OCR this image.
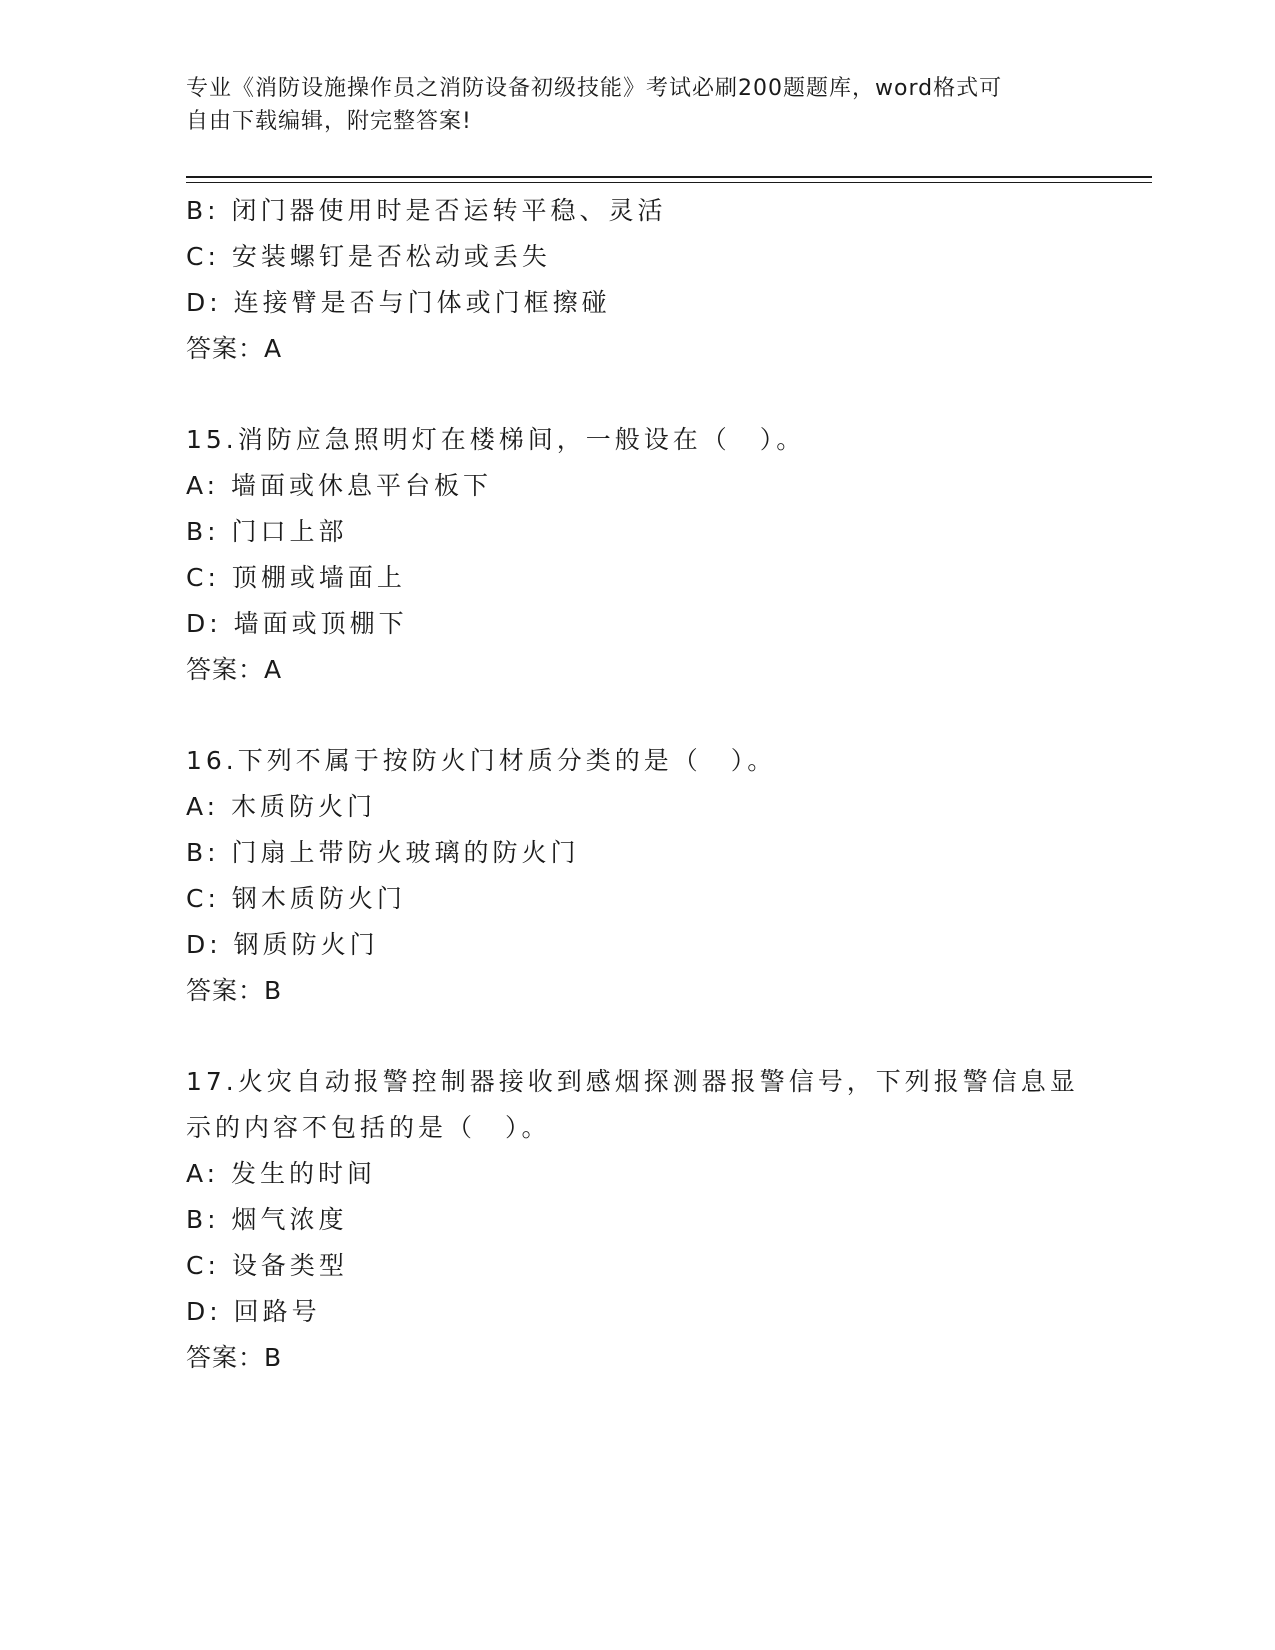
专业《消防设施操作员之消防设备初级技能》考试必刷200题题库，word格式可
自由下载编辑，附完整答案!
B: 闭门器使用时是否运转平稳、灵活
C: 安装螺钉是否松动或丢失
D: 连接臂是否与门体或门框擦碰
答案：A
15.消防应急照明灯在楼梯间，一般设在（　）。
A: 墙面或休息平台板下
B: 门口上部
C: 顶棚或墙面上
D: 墙面或顶棚下
答案：A
16.下列不属于按防火门材质分类的是（　）。
A: 木质防火门
B: 门扇上带防火玻璃的防火门
C: 钢木质防火门
D: 钢质防火门
答案：B
17.火灾自动报警控制器接收到感烟探测器报警信号，下列报警信息显
示的内容不包括的是（　）。
A: 发生的时间
B: 烟气浓度
C: 设备类型
D: 回路号
答案：B
